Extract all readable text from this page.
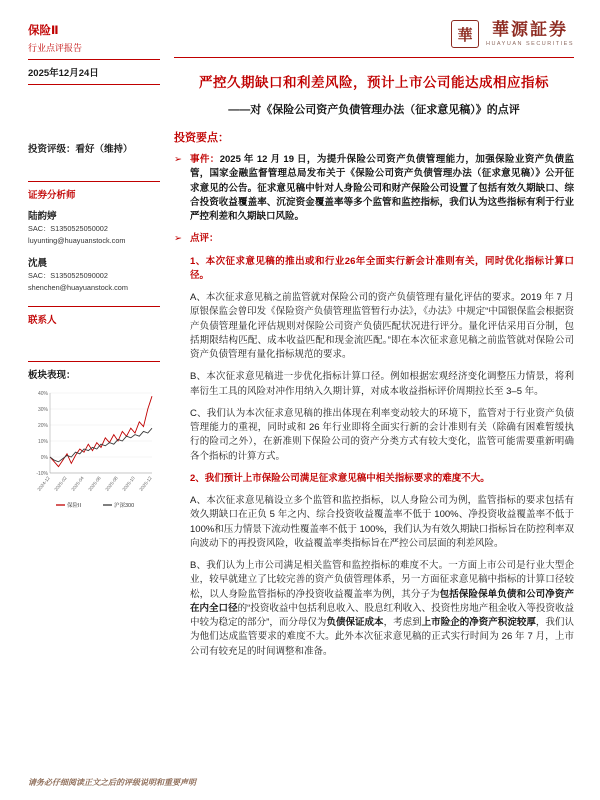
保险Ⅱ
行业点评报告
2025年12月24日
華	華源証券
HUAYUAN SECURITIES
严控久期缺口和利差风险，预计上市公司能达成相应指标
——对《保险公司资产负债管理办法（征求意见稿）》的点评
投资评级：看好（维持）
证券分析师
陆韵婷
SAC：S1350525050002
luyunting@huayuanstock.com
沈晨
SAC：S1350525090002
shenchen@huayuanstock.com
联系人
板块表现：
-10%
0%
10%
20%
30%
40%
2024-12 2025-02 2025-04 2025-06 2025-08 2025-10 2025-12
保险II	沪深300
投资要点：
➢ 事件：2025 年 12 月 19 日，为提升保险公司资产负债管理能力，加强保险业资产负债监管，国家金融监督管理总局发布关于《保险公司资产负债管理办法（征求意见稿）》公开征求意见的公告。征求意见稿中针对人身险公司和财产保险公司设置了包括有效久期缺口、综合投资收益覆盖率、沉淀资金覆盖率等多个监管和监控指标，我们认为这些指标有利于行业严控利差和久期缺口风险。
➢ 点评：
1、本次征求意见稿的推出或和行业26年全面实行新会计准则有关，同时优化指标计算口径。
A、本次征求意见稿之前监管就对保险公司的资产负债管理有量化评估的要求。2019 年 7 月原银保监会曾印发《保险资产负债管理监管暂行办法》，《办法》中规定“中国银保监会根据资产负债管理量化评估规则对保险公司资产负债匹配状况进行评分。量化评估采用百分制，包括期限结构匹配、成本收益匹配和现金流匹配。”即在本次征求意见稿之前监管就对保险公司资产负债管理有量化指标规范的要求。
B、本次征求意见稿进一步优化指标计算口径。例如根据宏观经济变化调整压力情景，将利率衍生工具的风险对冲作用纳入久期计算，对成本收益指标评价周期拉长至 3–5 年。
C、我们认为本次征求意见稿的推出体现在利率变动较大的环境下，监管对于行业资产负债管理能力的重视，同时或和 26 年行业即将全面实行新的会计准则有关（除确有困难暂缓执行的险司之外），在新准则下保险公司的资产分类方式有较大变化，监管可能需要重新明确各个指标的计算方式。
2、我们预计上市保险公司满足征求意见稿中相关指标要求的难度不大。
A、本次征求意见稿设立多个监管和监控指标，以人身险公司为例，监管指标的要求包括有效久期缺口在正负 5 年之内、综合投资收益覆盖率不低于 100%、净投资收益覆盖率不低于 100%和压力情景下流动性覆盖率不低于 100%，我们认为有效久期缺口指标旨在防控利率双向波动下的再投资风险，收益覆盖率类指标旨在严控公司层面的利差风险。
B、我们认为上市公司满足相关监管和监控指标的难度不大。一方面上市公司是行业大型企业，较早就建立了比较完善的资产负债管理体系，另一方面征求意见稿中指标的计算口径较松，以人身险监管指标的净投资收益覆盖率为例，其分子为包括保险保单负债和公司净资产在内全口径的“投资收益中包括利息收入、股息红利收入、投资性房地产租金收入等投资收益中较为稳定的部分”，而分母仅为负债保证成本，考虑到上市险企的净资产积淀较厚，我们认为他们达成监管要求的难度不大。此外本次征求意见稿的正式实行时间为 26 年 7 月，上市公司有较充足的时间调整和准备。
请务必仔细阅读正文之后的评级说明和重要声明
